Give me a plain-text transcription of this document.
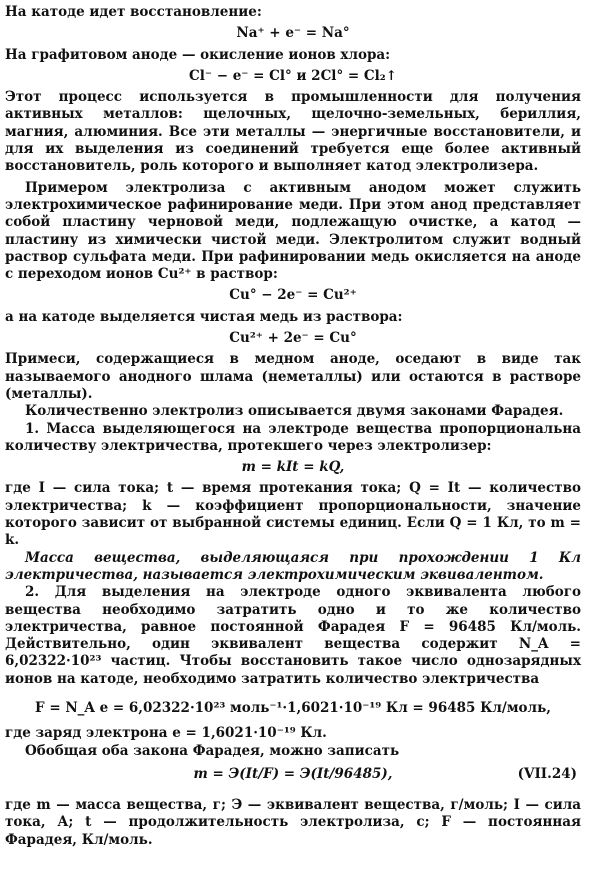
На катоде идет восстановление:

Na⁺ + e⁻ = Na°

На графитовом аноде — окисление ионов хлора:

Cl⁻ − e⁻ = Cl° и 2Cl° = Cl₂↑

Этот процесс используется в промышленности для получения активных металлов: щелочных, щелочно-земельных, бериллия, магния, алюминия. Все эти металлы — энергичные восстановители, и для их выделения из соединений требуется еще более активный восстановитель, роль которого и выполняет катод электролизера.

Примером электролиза с активным анодом может служить электрохимическое рафинирование меди. При этом анод представляет собой пластину черновой меди, подлежащую очистке, а катод — пластину из химически чистой меди. Электролитом служит водный раствор сульфата меди. При рафинировании медь окисляется на аноде с переходом ионов Cu²⁺ в раствор:

Cu° − 2e⁻ = Cu²⁺

а на катоде выделяется чистая медь из раствора:

Cu²⁺ + 2e⁻ = Cu°

Примеси, содержащиеся в медном аноде, оседают в виде так называемого анодного шлама (неметаллы) или остаются в растворе (металлы).

Количественно электролиз описывается двумя законами Фарадея.

1. Масса выделяющегося на электроде вещества пропорциональна количеству электричества, протекшего через электролизер:

m = kIt = kQ,

где I — сила тока; t — время протекания тока; Q = It — количество электричества; k — коэффициент пропорциональности, значение которого зависит от выбранной системы единиц. Если Q = 1 Кл, то m = k.

Масса вещества, выделяющаяся при прохождении 1 Кл электричества, называется электрохимическим эквивалентом.

2. Для выделения на электроде одного эквивалента любого вещества необходимо затратить одно и то же количество электричества, равное постоянной Фарадея F = 96485 Кл/моль. Действительно, один эквивалент вещества содержит N_A = 6,02322·10²³ частиц. Чтобы восстановить такое число однозарядных ионов на катоде, необходимо затратить количество электричества

F = N_A e = 6,02322·10²³ моль⁻¹·1,6021·10⁻¹⁹ Кл = 96485 Кл/моль,

где заряд электрона e = 1,6021·10⁻¹⁹ Кл.

Обобщая оба закона Фарадея, можно записать

m = Э(It/F) = Э(It/96485),	(VII.24)

где m — масса вещества, г; Э — эквивалент вещества, г/моль; I — сила тока, А; t — продолжительность электролиза, с; F — постоянная Фарадея, Кл/моль.
